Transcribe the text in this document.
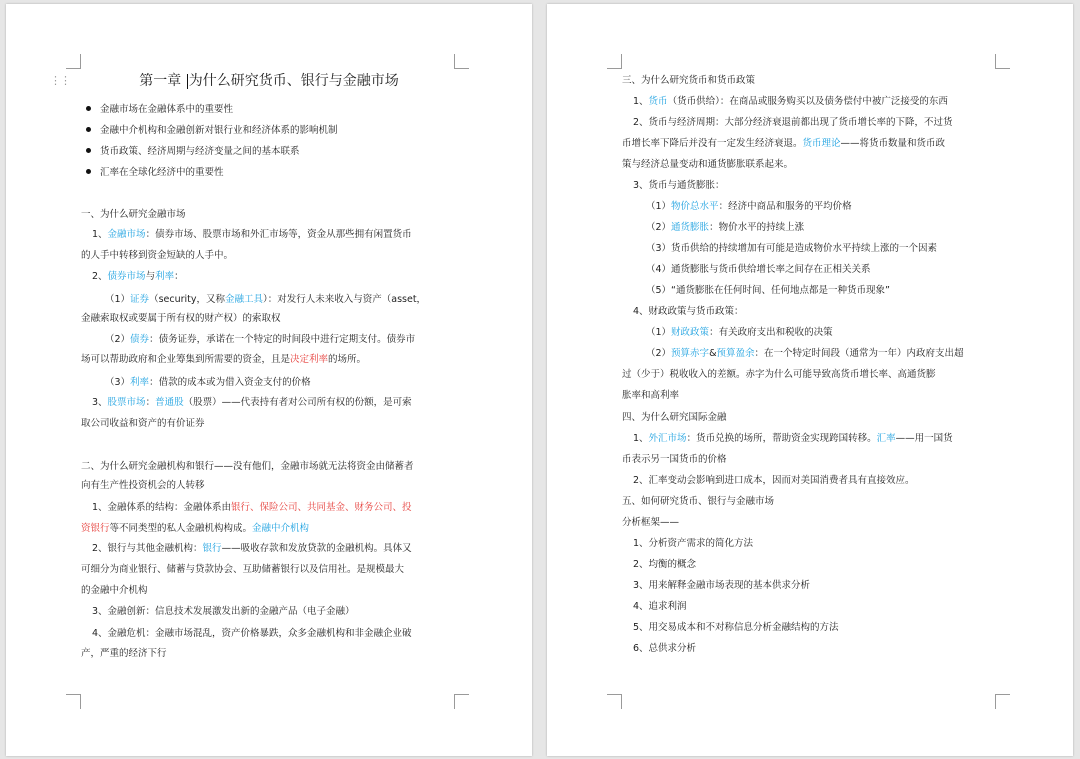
⋮⋮	第一章 为什么研究货币、银行与金融市场
金融市场在金融体系中的重要性
金融中介机构和金融创新对银行业和经济体系的影响机制
货币政策、经济周期与经济变量之间的基本联系
汇率在全球化经济中的重要性
一、为什么研究金融市场
1、金融市场：债券市场、股票市场和外汇市场等，资金从那些拥有闲置货币
的人手中转移到资金短缺的人手中。
2、债券市场与利率：
（1）证券（security，又称金融工具）：对发行人未来收入与资产（asset，
金融索取权或要属于所有权的财产权）的索取权
（2）债券：债务证券，承诺在一个特定的时间段中进行定期支付。债券市
场可以帮助政府和企业筹集到所需要的资金，且是决定利率的场所。
（3）利率：借款的成本或为借入资金支付的价格
3、股票市场：普通股（股票）——代表持有者对公司所有权的份额，是可索
取公司收益和资产的有价证券
二、为什么研究金融机构和银行——没有他们，金融市场就无法将资金由储蓄者
向有生产性投资机会的人转移
1、金融体系的结构：金融体系由银行、保险公司、共同基金、财务公司、投
资银行等不同类型的私人金融机构构成。金融中介机构
2、银行与其他金融机构：银行——吸收存款和发放贷款的金融机构。具体又
可细分为商业银行、储蓄与贷款协会、互助储蓄银行以及信用社。是规模最大
的金融中介机构
3、金融创新：信息技术发展激发出新的金融产品（电子金融）
4、金融危机：金融市场混乱，资产价格暴跌，众多金融机构和非金融企业破
产，严重的经济下行
三、为什么研究货币和货币政策
1、货币（货币供给）：在商品或服务购买以及债务偿付中被广泛接受的东西
2、货币与经济周期：大部分经济衰退前都出现了货币增长率的下降，不过货
币增长率下降后并没有一定发生经济衰退。货币理论——将货币数量和货币政
策与经济总量变动和通货膨胀联系起来。
3、货币与通货膨胀：
（1）物价总水平：经济中商品和服务的平均价格
（2）通货膨胀：物价水平的持续上涨
（3）货币供给的持续增加有可能是造成物价水平持续上涨的一个因素
（4）通货膨胀与货币供给增长率之间存在正相关关系
（5）“通货膨胀在任何时间、任何地点都是一种货币现象”
4、财政政策与货币政策：
（1）财政政策：有关政府支出和税收的决策
（2）预算赤字&预算盈余：在一个特定时间段（通常为一年）内政府支出超
过（少于）税收收入的差额。赤字为什么可能导致高货币增长率、高通货膨
胀率和高利率
四、为什么研究国际金融
1、外汇市场：货币兑换的场所，帮助资金实现跨国转移。汇率——用一国货
币表示另一国货币的价格
2、汇率变动会影响到进口成本，因而对美国消费者具有直接效应。
五、如何研究货币、银行与金融市场
分析框架——
1、分析资产需求的简化方法
2、均衡的概念
3、用来解释金融市场表现的基本供求分析
4、追求利润
5、用交易成本和不对称信息分析金融结构的方法
6、总供求分析
